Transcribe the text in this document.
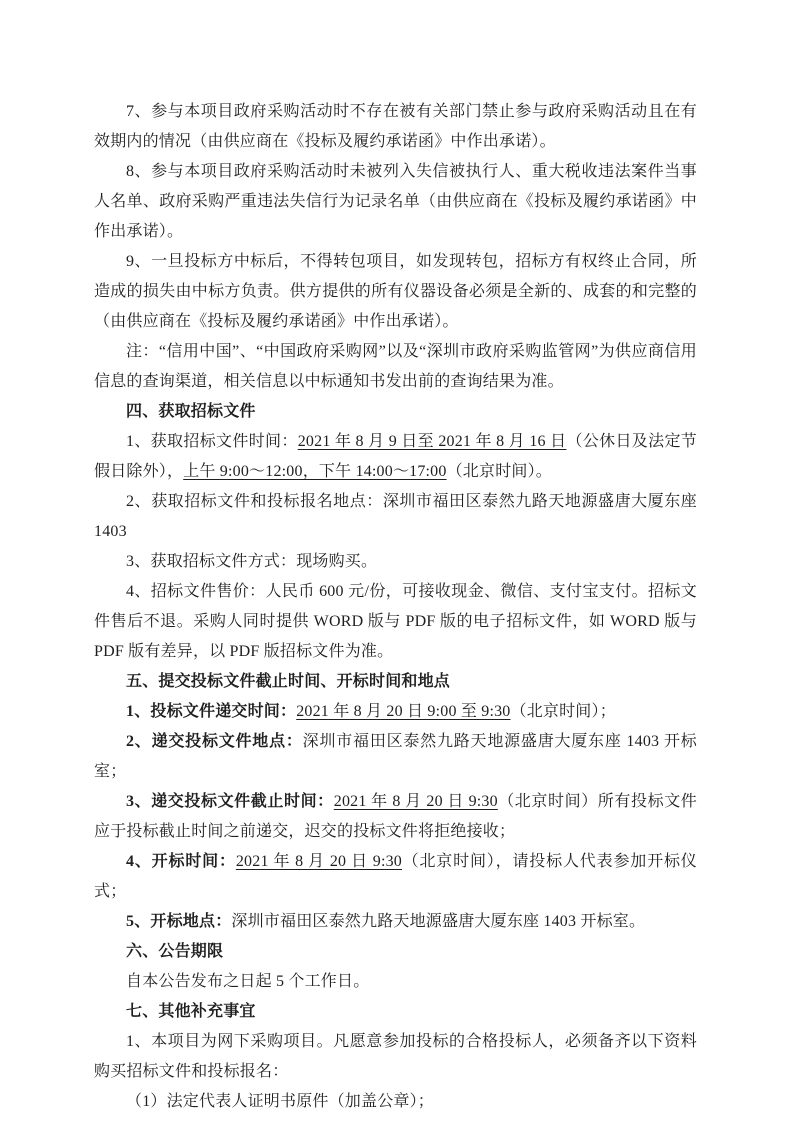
7、参与本项目政府采购活动时不存在被有关部门禁止参与政府采购活动且在有效期内的情况（由供应商在《投标及履约承诺函》中作出承诺）。

8、参与本项目政府采购活动时未被列入失信被执行人、重大税收违法案件当事人名单、政府采购严重违法失信行为记录名单（由供应商在《投标及履约承诺函》中作出承诺）。

9、一旦投标方中标后，不得转包项目，如发现转包，招标方有权终止合同，所造成的损失由中标方负责。供方提供的所有仪器设备必须是全新的、成套的和完整的（由供应商在《投标及履约承诺函》中作出承诺）。

注：“信用中国”、“中国政府采购网”以及“深圳市政府采购监管网”为供应商信用信息的查询渠道，相关信息以中标通知书发出前的查询结果为准。

四、获取招标文件

1、获取招标文件时间：2021 年 8 月 9 日至 2021 年 8 月 16 日（公休日及法定节假日除外），上午 9:00～12:00，下午 14:00～17:00（北京时间）。

2、获取招标文件和投标报名地点：深圳市福田区泰然九路天地源盛唐大厦东座 1403

3、获取招标文件方式：现场购买。

4、招标文件售价：人民币 600 元/份，可接收现金、微信、支付宝支付。招标文件售后不退。采购人同时提供 WORD 版与 PDF 版的电子招标文件，如 WORD 版与 PDF 版有差异，以 PDF 版招标文件为准。

五、提交投标文件截止时间、开标时间和地点

1、投标文件递交时间：2021 年 8 月 20 日 9:00 至 9:30（北京时间）；

2、递交投标文件地点：深圳市福田区泰然九路天地源盛唐大厦东座 1403 开标室；

3、递交投标文件截止时间：2021 年 8 月 20 日 9:30（北京时间）所有投标文件应于投标截止时间之前递交，迟交的投标文件将拒绝接收；

4、开标时间：2021 年 8 月 20 日 9:30（北京时间），请投标人代表参加开标仪式；

5、开标地点：深圳市福田区泰然九路天地源盛唐大厦东座 1403 开标室。

六、公告期限

自本公告发布之日起 5 个工作日。

七、其他补充事宜

1、本项目为网下采购项目。凡愿意参加投标的合格投标人，必须备齐以下资料购买招标文件和投标报名：

（1）法定代表人证明书原件（加盖公章）；
